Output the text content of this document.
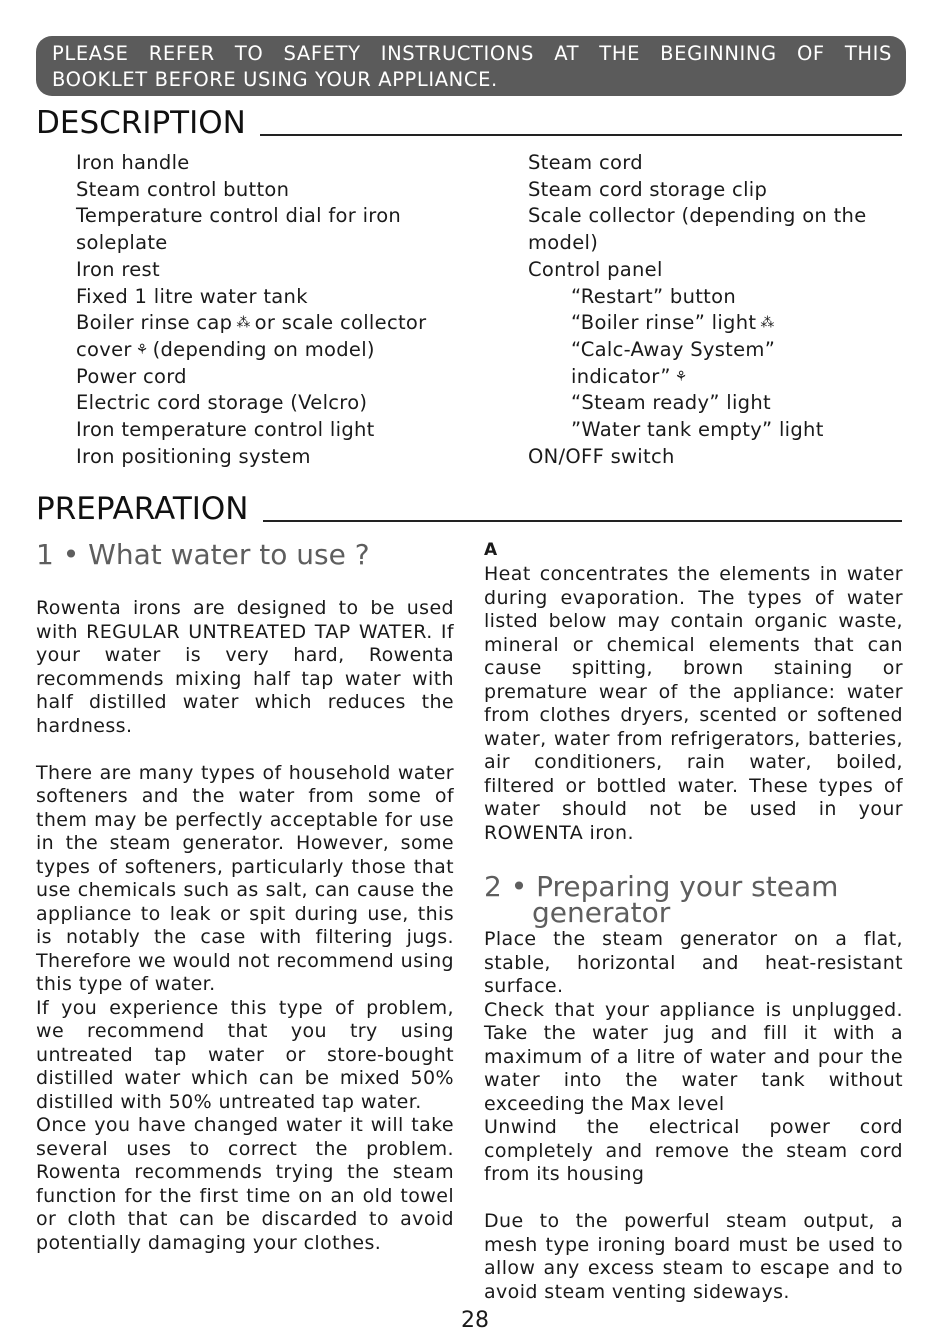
PLEASE REFER TO SAFETY INSTRUCTIONS AT THE BEGINNING OF THIS
BOOKLET BEFORE USING YOUR APPLIANCE.
DESCRIPTION
Iron handle
Steam control button
Temperature control dial for iron
soleplate
Iron rest
Fixed 1 litre water tank
Boiler rinse cap ⁂ or scale collector
cover ⚘ (depending on model)
Power cord
Electric cord storage (Velcro)
Iron temperature control light
Iron positioning system
Steam cord
Steam cord storage clip
Scale collector (depending on the
model)
Control panel
“Restart” button
“Boiler rinse” light ⁂
“Calc-Away System”
indicator” ⚘
“Steam ready” light
”Water tank empty” light
ON/OFF switch
PREPARATION
1 • What water to use ?

Rowenta irons are designed to be used with REGULAR UNTREATED TAP WATER. If your water is very hard, Rowenta recommends mixing half tap water with half distilled water which reduces the hardness.

There are many types of household water softeners and the water from some of them may be perfectly acceptable for use in the steam generator. However, some types of softeners, particularly those that use chemicals such as salt, can cause the appliance to leak or spit during use, this is notably the case with filtering jugs. Therefore we would not recommend using this type of water.

If you experience this type of problem, we recommend that you try using untreated tap water or store-bought distilled water which can be mixed 50% distilled with 50% untreated tap water.

Once you have changed water it will take several uses to correct the problem. Rowenta recommends trying the steam function for the first time on an old towel or cloth that can be discarded to avoid potentially damaging your clothes.

A

Heat concentrates the elements in water during evaporation. The types of water listed below may contain organic waste, mineral or chemical elements that can cause spitting, brown staining or premature wear of the appliance: water from clothes dryers, scented or softened water, water from refrigerators, batteries, air conditioners, rain water, boiled, filtered or bottled water. These types of water should not be used in your ROWENTA iron.

2 • Preparing your steam
generator

Place the steam generator on a flat, stable, horizontal and heat-resistant surface.

Check that your appliance is unplugged. Take the water jug and fill it with a maximum of a litre of water and pour the water into the water tank without exceeding the Max level

Unwind the electrical power cord completely and remove the steam cord from its housing

Due to the powerful steam output, a mesh type ironing board must be used to allow any excess steam to escape and to avoid steam venting sideways.

28
